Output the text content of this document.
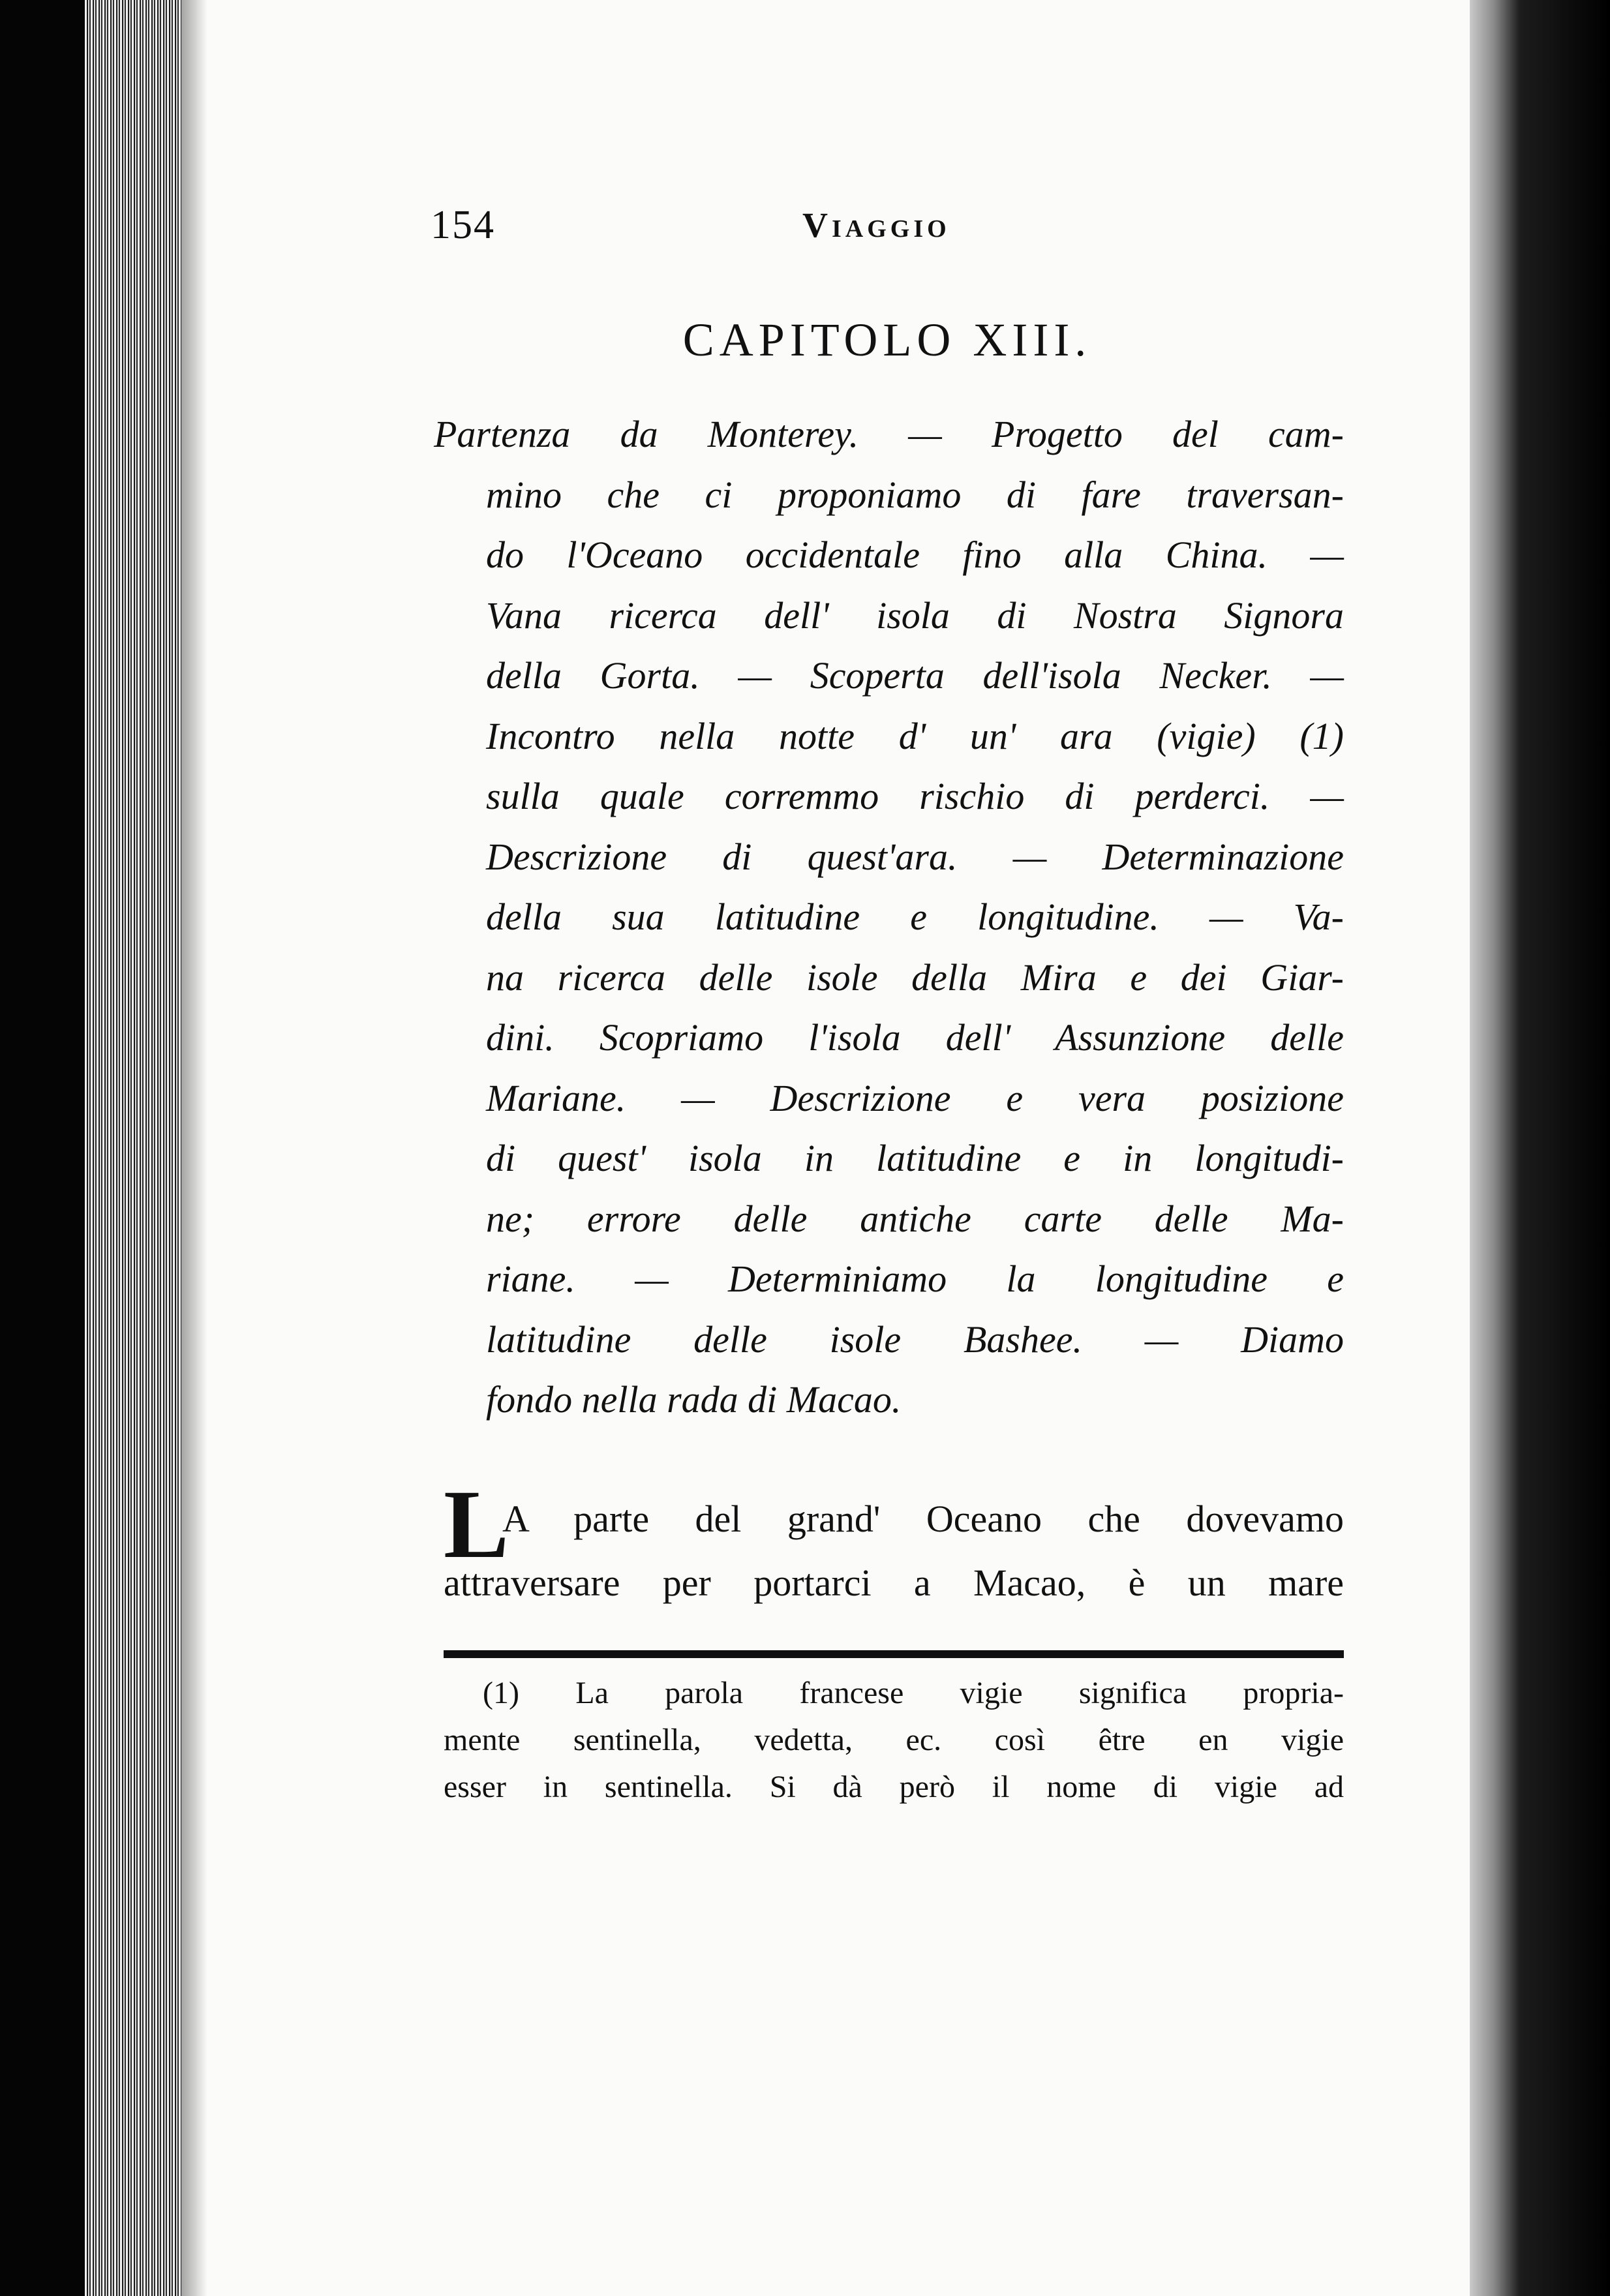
154	Viaggio
CAPITOLO XIII.
Partenza da Monterey. — Progetto del cam-
mino che ci proponiamo di fare traversan-
do l'Oceano occidentale fino alla China. —
Vana ricerca dell' isola di Nostra Signora
della Gorta. — Scoperta dell'isola Necker. —
Incontro nella notte d' un' ara (vigie) (1)
sulla quale corremmo rischio di perderci. —
Descrizione di quest'ara. — Determinazione
della sua latitudine e longitudine. — Va-
na ricerca delle isole della Mira e dei Giar-
dini. Scopriamo l'isola dell' Assunzione delle
Mariane. — Descrizione e vera posizione
di quest' isola in latitudine e in longitudi-
ne; errore delle antiche carte delle Ma-
riane. — Determiniamo la longitudine e
latitudine delle isole Bashee. — Diamo
fondo nella rada di Macao.
L
A parte del grand' Oceano che dovevamo
attraversare per portarci a Macao, è un mare
(1) La parola francese vigie significa propria-
mente sentinella, vedetta, ec. così être en vigie
esser in sentinella. Si dà però il nome di vigie ad
